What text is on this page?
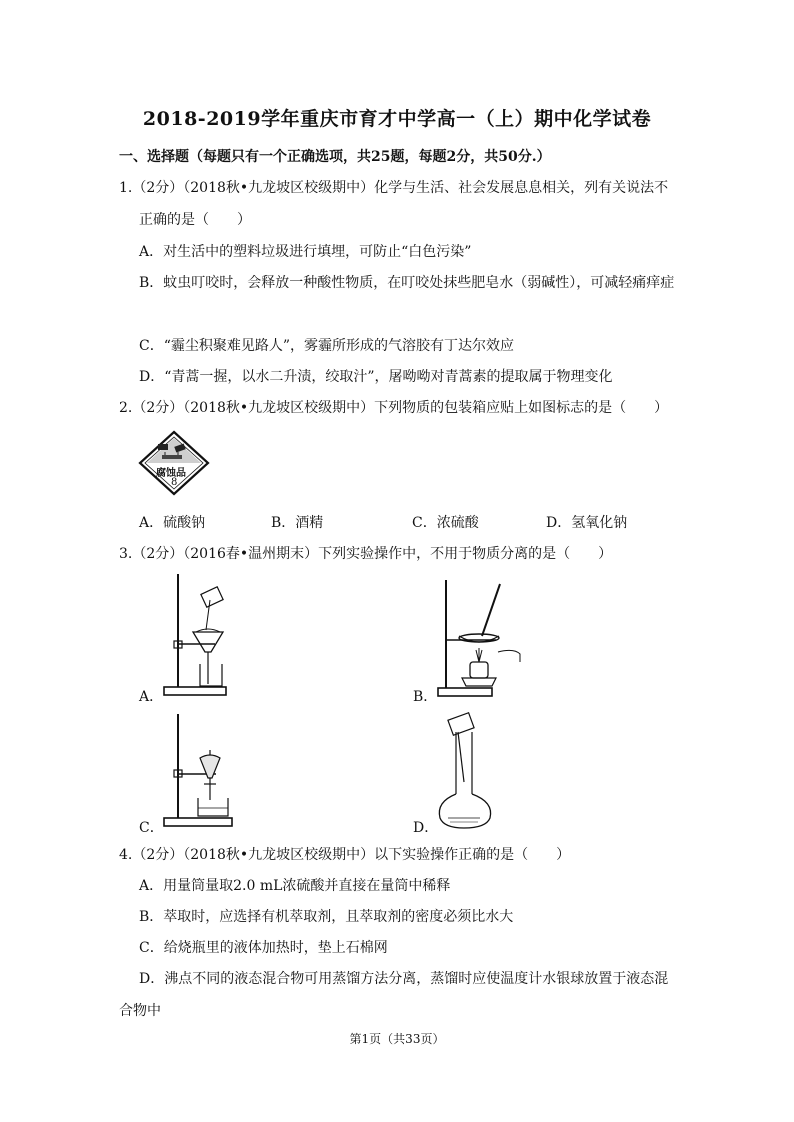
2018-2019学年重庆市育才中学高一（上）期中化学试卷
一、选择题（每题只有一个正确选项，共25题，每题2分，共50分.）
1.（2分）（2018秋•九龙坡区校级期中）化学与生活、社会发展息息相关，列有关说法不
正确的是（　　）
A．对生活中的塑料垃圾进行填埋，可防止“白色污染”
B．蚊虫叮咬时，会释放一种酸性物质，在叮咬处抹些肥皂水（弱碱性），可减轻痛痒症
C．“霾尘积聚难见路人”，雾霾所形成的气溶胶有丁达尔效应
D．“青蒿一握，以水二升渍，绞取汁”，屠呦呦对青蒿素的提取属于物理变化
2.（2分）（2018秋•九龙坡区校级期中）下列物质的包装箱应贴上如图标志的是（　　）
腐蚀品
8
A．硫酸钠	B．酒精	C．浓硫酸	D．氢氧化钠
3.（2分）（2016春•温州期末）下列实验操作中，不用于物质分离的是（　　）
A．	B．
C．	D．
4.（2分）（2018秋•九龙坡区校级期中）以下实验操作正确的是（　　）
A．用量筒量取2.0 mL浓硫酸并直接在量筒中稀释
B．萃取时，应选择有机萃取剂，且萃取剂的密度必须比水大
C．给烧瓶里的液体加热时，垫上石棉网
D．沸点不同的液态混合物可用蒸馏方法分离，蒸馏时应使温度计水银球放置于液态混
合物中
第1页（共33页）
